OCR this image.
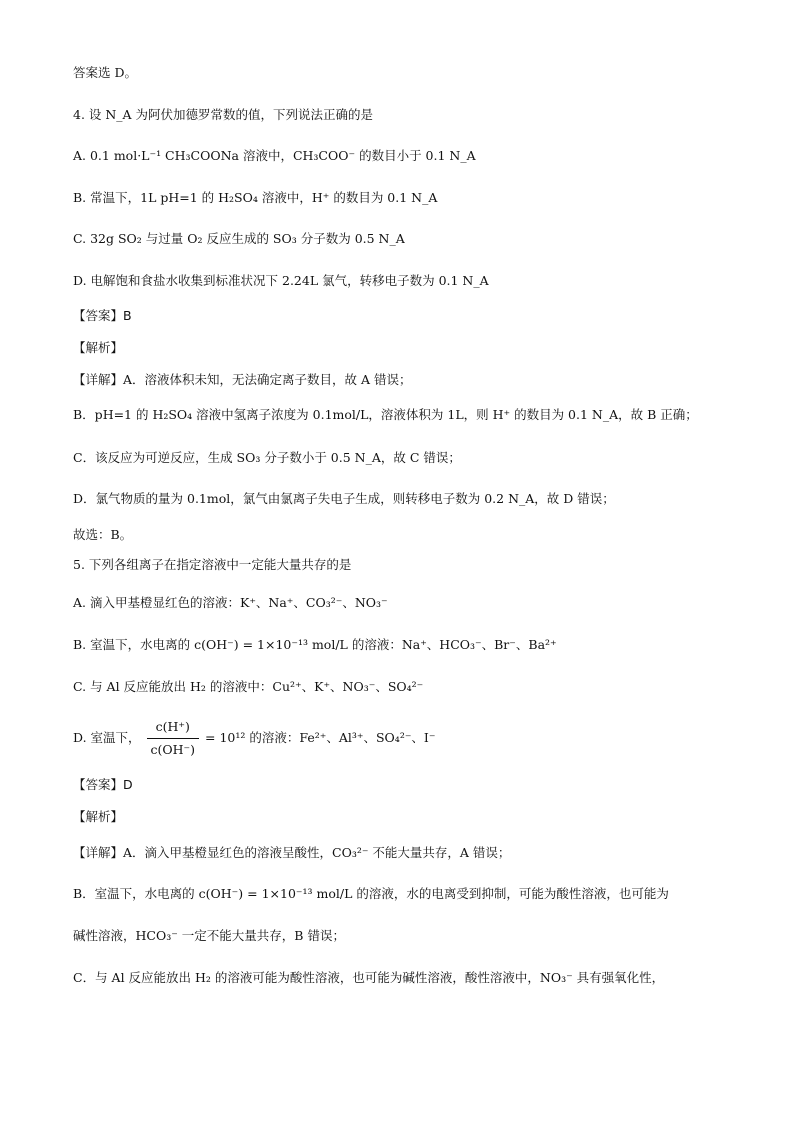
答案选 D。
4. 设 N_A 为阿伏加德罗常数的值，下列说法正确的是
A. 0.1 mol·L⁻¹ CH₃COONa 溶液中，CH₃COO⁻ 的数目小于 0.1 N_A
B. 常温下，1L pH=1 的 H₂SO₄ 溶液中，H⁺ 的数目为 0.1 N_A
C. 32g SO₂ 与过量 O₂ 反应生成的 SO₃ 分子数为 0.5 N_A
D. 电解饱和食盐水收集到标准状况下 2.24L 氯气，转移电子数为 0.1 N_A
【答案】B
【解析】
【详解】A．溶液体积未知，无法确定离子数目，故 A 错误；
B．pH=1 的 H₂SO₄ 溶液中氢离子浓度为 0.1mol/L，溶液体积为 1L，则 H⁺ 的数目为 0.1 N_A，故 B 正确；
C．该反应为可逆反应，生成 SO₃ 分子数小于 0.5 N_A，故 C 错误；
D．氯气物质的量为 0.1mol，氯气由氯离子失电子生成，则转移电子数为 0.2 N_A，故 D 错误；
故选：B。
5. 下列各组离子在指定溶液中一定能大量共存的是
A. 滴入甲基橙显红色的溶液：K⁺、Na⁺、CO₃²⁻、NO₃⁻
B. 室温下，水电离的 c(OH⁻) = 1×10⁻¹³ mol/L 的溶液：Na⁺、HCO₃⁻、Br⁻、Ba²⁺
C. 与 Al 反应能放出 H₂ 的溶液中：Cu²⁺、K⁺、NO₃⁻、SO₄²⁻
D. 室温下， $\frac{c(H^+)}{c(OH^-)} = 10^{12}$ 的溶液：Fe²⁺、Al³⁺、SO₄²⁻、I⁻
【答案】D
【解析】
【详解】A．滴入甲基橙显红色的溶液呈酸性，CO₃²⁻ 不能大量共存，A 错误；
B．室温下，水电离的 c(OH⁻) = 1×10⁻¹³ mol/L 的溶液，水的电离受到抑制，可能为酸性溶液，也可能为
碱性溶液，HCO₃⁻ 一定不能大量共存，B 错误；
C．与 Al 反应能放出 H₂ 的溶液可能为酸性溶液，也可能为碱性溶液，酸性溶液中，NO₃⁻ 具有强氧化性，
